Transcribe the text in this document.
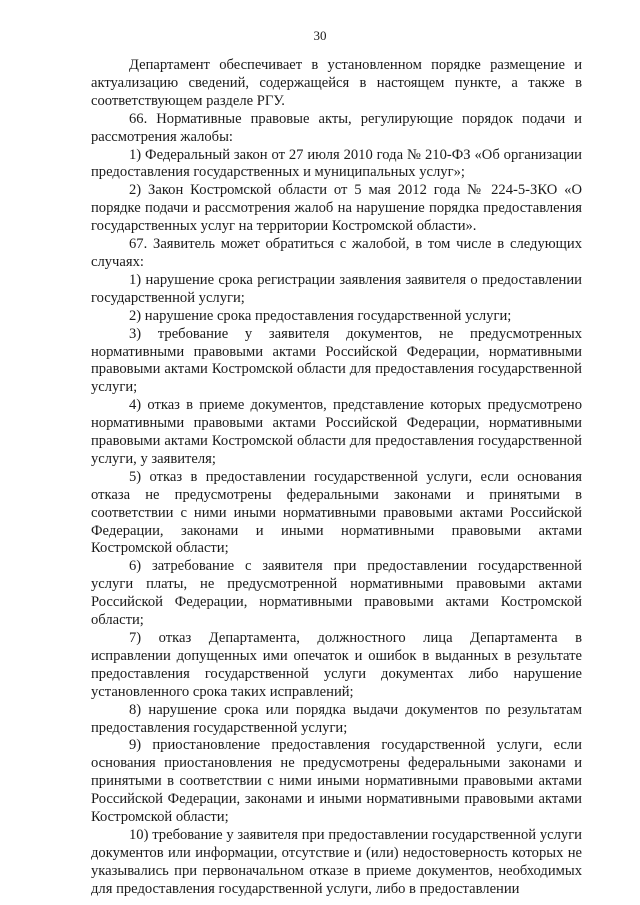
30

Департамент обеспечивает в установленном порядке размещение и актуализацию сведений, содержащейся в настоящем пункте, а также в соответствующем разделе РГУ.

66. Нормативные правовые акты, регулирующие порядок подачи и рассмотрения жалобы:

1) Федеральный закон от 27 июля 2010 года № 210-ФЗ «Об организации предоставления государственных и муниципальных услуг»;

2) Закон Костромской области от 5 мая 2012 года № 224-5-ЗКО «О порядке подачи и рассмотрения жалоб на нарушение порядка предоставления государственных услуг на территории Костромской области».

67. Заявитель может обратиться с жалобой, в том числе в следующих случаях:

1) нарушение срока регистрации заявления заявителя о предоставлении государственной услуги;

2) нарушение срока предоставления государственной услуги;

3) требование у заявителя документов, не предусмотренных нормативными правовыми актами Российской Федерации, нормативными правовыми актами Костромской области для предоставления государственной услуги;

4) отказ в приеме документов, представление которых предусмотрено нормативными правовыми актами Российской Федерации, нормативными правовыми актами Костромской области для предоставления государственной услуги, у заявителя;

5) отказ в предоставлении государственной услуги, если основания отказа не предусмотрены федеральными законами и принятыми в соответствии с ними иными нормативными правовыми актами Российской Федерации, законами и иными нормативными правовыми актами Костромской области;

6) затребование с заявителя при предоставлении государственной услуги платы, не предусмотренной нормативными правовыми актами Российской Федерации, нормативными правовыми актами Костромской области;

7) отказ Департамента, должностного лица Департамента в исправлении допущенных ими опечаток и ошибок в выданных в результате предоставления государственной услуги документах либо нарушение установленного срока таких исправлений;

8) нарушение срока или порядка выдачи документов по результатам предоставления государственной услуги;

9) приостановление предоставления государственной услуги, если основания приостановления не предусмотрены федеральными законами и принятыми в соответствии с ними иными нормативными правовыми актами Российской Федерации, законами и иными нормативными правовыми актами Костромской области;

10) требование у заявителя при предоставлении государственной услуги документов или информации, отсутствие и (или) недостоверность которых не указывались при первоначальном отказе в приеме документов, необходимых для предоставления государственной услуги, либо в предоставлении
